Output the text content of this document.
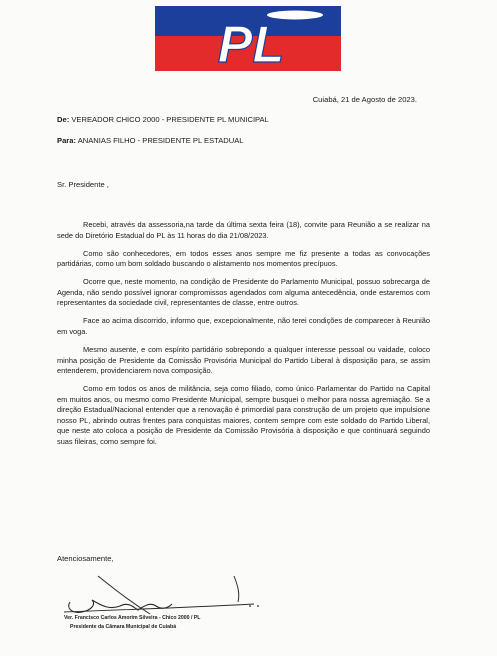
PL
Cuiabá, 21 de Agosto de 2023.
De: VEREADOR CHICO 2000 - PRESIDENTE PL MUNICIPAL
Para: ANANIAS FILHO - PRESIDENTE PL ESTADUAL
Sr. Presidente ,

Recebi, através da assessoria,na tarde da última sexta feira (18), convite para Reunião a se realizar na sede do Diretório Estadual do PL às 11 horas do dia 21/08/2023.

Como são conhecedores, em todos esses anos sempre me fiz presente a todas as convocações partidárias, como um bom soldado buscando o alistamento nos momentos precípuos.

Ocorre que, neste momento, na condição de Presidente do Parlamento Municipal, possuo sobrecarga de Agenda, não sendo possível ignorar compromissos agendados com alguma antecedência, onde estaremos com representantes da sociedade civil, representantes de classe, entre outros.

Face ao acima discorrido, informo que, excepcionalmente, não terei condições de comparecer à Reunião em voga.

Mesmo ausente, e com espírito partidário sobrepondo a qualquer interesse pessoal ou vaidade, coloco minha posição de Presidente da Comissão Provisória Municipal do Partido Liberal à disposição para, se assim entenderem, providenciarem nova composição.

Como em todos os anos de militância, seja como filiado, como único Parlamentar do Partido na Capital em muitos anos, ou mesmo como Presidente Municipal, sempre busquei o melhor para nossa agremiação. Se a direção Estadual/Nacional entender que a renovação é primordial para construção de um projeto que impulsione nosso PL, abrindo outras frentes para conquistas maiores, contem sempre com este soldado do Partido Liberal, que neste ato coloca a posição de Presidente da Comissão Provisória à disposição e que continuará seguindo suas fileiras, como sempre foi.

Atenciosamente,
Ver. Francisco Carlos Amorim Silveira - Chico 2000 / PL
Presidente da Câmara Municipal de Cuiabá
